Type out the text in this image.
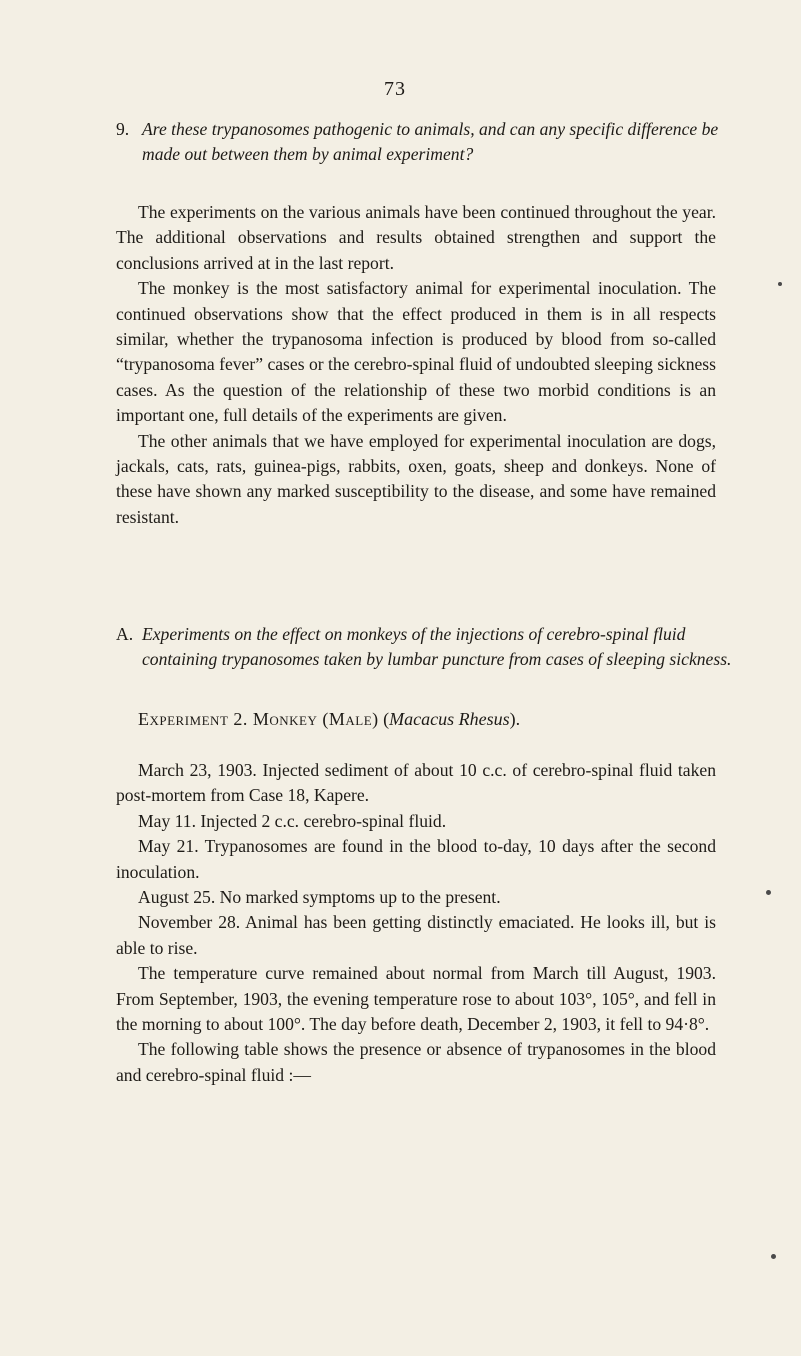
73
9. Are these trypanosomes pathogenic to animals, and can any specific difference be made out between them by animal experiment?

The experiments on the various animals have been continued throughout the year. The additional observations and results obtained strengthen and support the conclusions arrived at in the last report.

The monkey is the most satisfactory animal for experimental inoculation. The continued observations show that the effect produced in them is in all respects similar, whether the trypanosoma infection is produced by blood from so-called “trypanosoma fever” cases or the cerebro-spinal fluid of undoubted sleeping sickness cases. As the question of the relationship of these two morbid conditions is an important one, full details of the experiments are given.

The other animals that we have employed for experimental inoculation are dogs, jackals, cats, rats, guinea-pigs, rabbits, oxen, goats, sheep and donkeys. None of these have shown any marked susceptibility to the disease, and some have remained resistant.

A. Experiments on the effect on monkeys of the injections of cerebro-spinal fluid containing trypanosomes taken by lumbar puncture from cases of sleeping sickness.
Experiment 2. Monkey (Male) (Macacus Rhesus).

March 23, 1903. Injected sediment of about 10 c.c. of cerebro-spinal fluid taken post-mortem from Case 18, Kapere.

May 11. Injected 2 c.c. cerebro-spinal fluid.

May 21. Trypanosomes are found in the blood to-day, 10 days after the second inoculation.

August 25. No marked symptoms up to the present.

November 28. Animal has been getting distinctly emaciated. He looks ill, but is able to rise.

The temperature curve remained about normal from March till August, 1903. From September, 1903, the evening temperature rose to about 103°, 105°, and fell in the morning to about 100°. The day before death, December 2, 1903, it fell to 94·8°.

The following table shows the presence or absence of trypanosomes in the blood and cerebro-spinal fluid :—
